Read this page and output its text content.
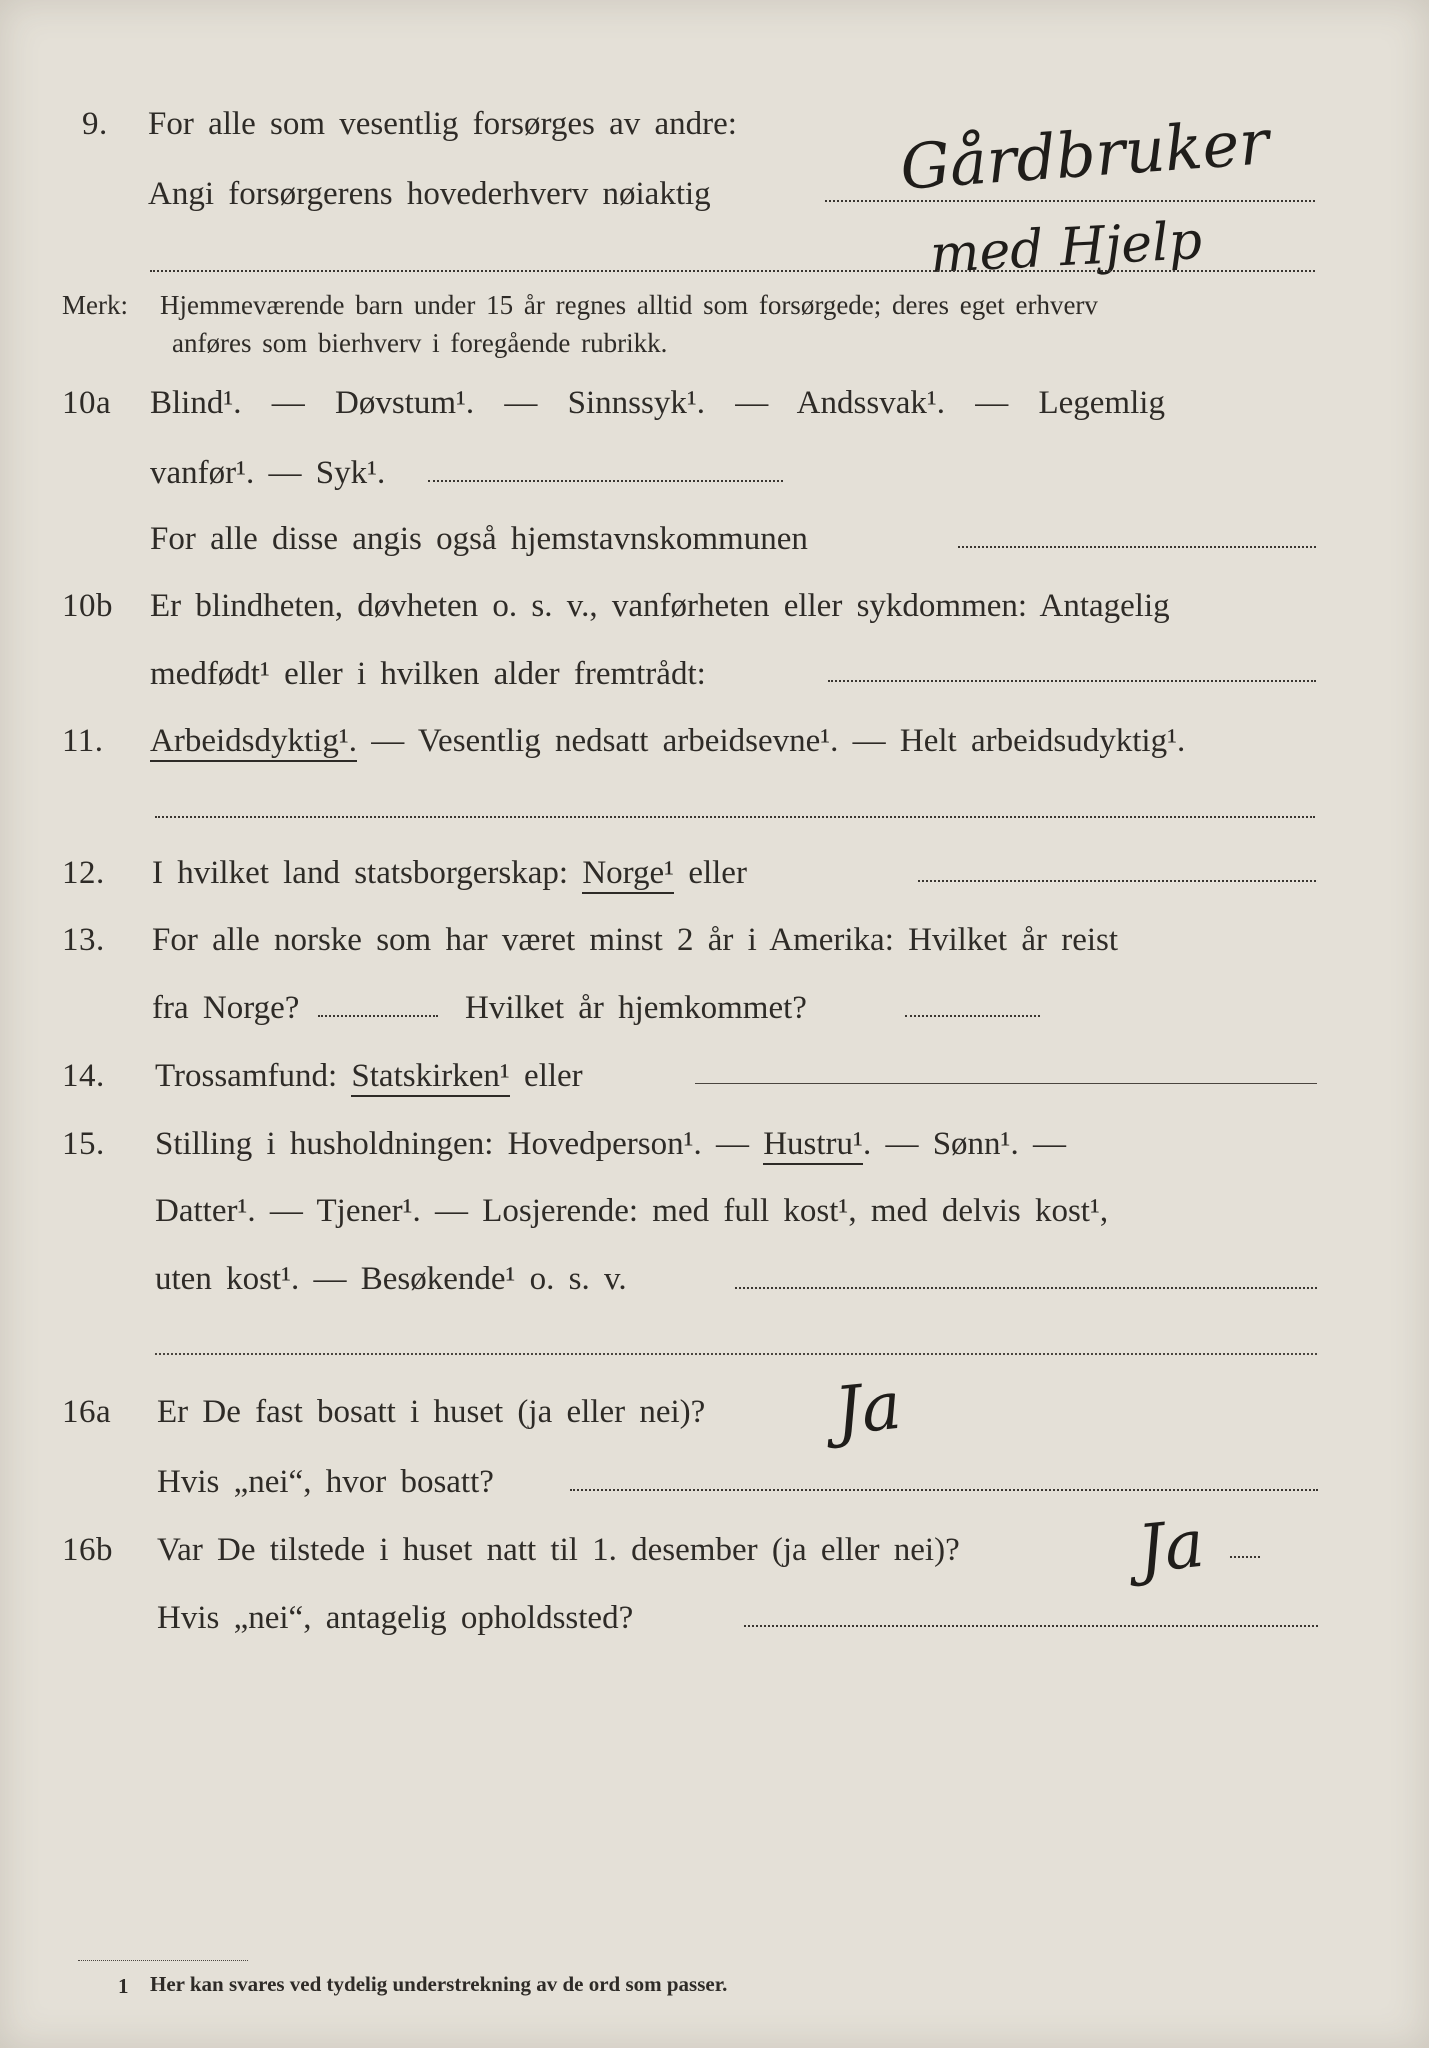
9. For alle som vesentlig forsørges av andre:
Angi forsørgerens hovederhverv nøiaktig	Gårdbruker
med Hjelp
Merk: Hjemmeværende barn under 15 år regnes alltid som forsørgede; deres eget erhverv
anføres som bierhverv i foregående rubrikk.
10a Blind¹. — Døvstum¹. — Sinnssyk¹. — Andssvak¹. — Legemlig
vanfør¹. — Syk¹.
For alle disse angis også hjemstavnskommunen
10b Er blindheten, døvheten o. s. v., vanførheten eller sykdommen: Antagelig
medfødt¹ eller i hvilken alder fremtrådt:
11. Arbeidsdyktig¹. — Vesentlig nedsatt arbeidsevne¹. — Helt arbeidsudyktig¹.
12. I hvilket land statsborgerskap: Norge¹ eller
13. For alle norske som har været minst 2 år i Amerika: Hvilket år reist
fra Norge?	Hvilket år hjemkommet?
14. Trossamfund: Statskirken¹ eller
15. Stilling i husholdningen: Hovedperson¹. — Hustru¹. — Sønn¹. —
Datter¹. — Tjener¹. — Losjerende: med full kost¹, med delvis kost¹,
uten kost¹. — Besøkende¹ o. s. v.
16a Er De fast bosatt i huset (ja eller nei)? Ja
Hvis „nei“, hvor bosatt?
16b Var De tilstede i huset natt til 1. desember (ja eller nei)?	Ja
Hvis „nei“, antagelig opholdssted?
1 Her kan svares ved tydelig understrekning av de ord som passer.
